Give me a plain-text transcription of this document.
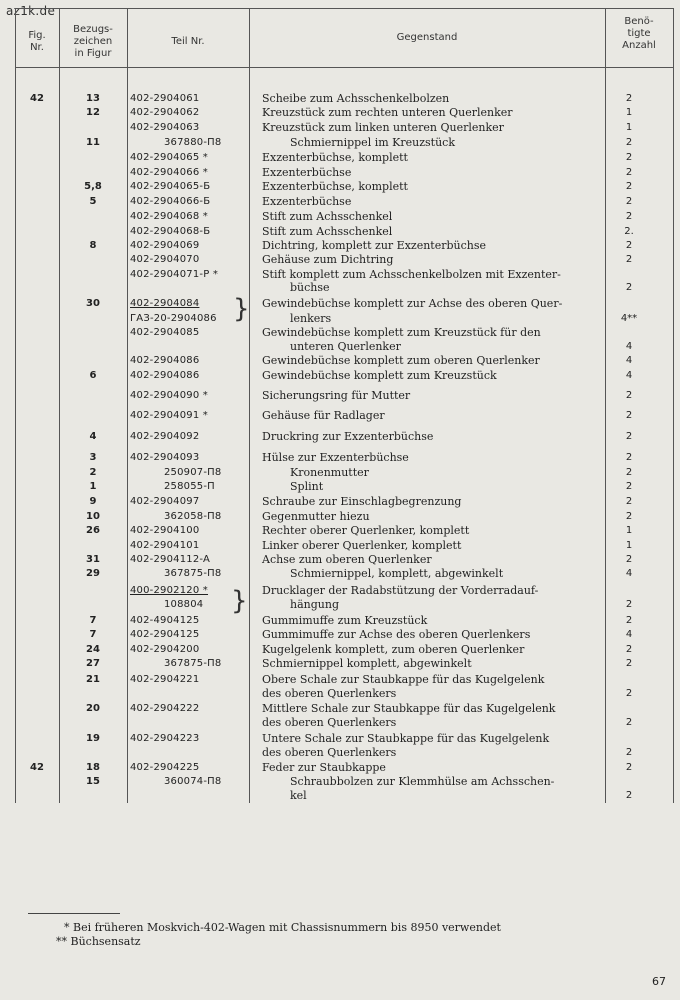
az1k.de
Fig.
Nr.
Bezugs-
zeichen
in Figur
Teil Nr.	Gegenstand
Benö-
tigte
Anzahl
42	13	402-2904061	Scheibe zum Achsschenkelbolzen	2
12	402-2904062	Kreuzstück zum rechten unteren Querlenker	1
402-2904063	Kreuzstück zum linken unteren Querlenker	1
11	367880-П8	Schmiernippel im Kreuzstück	2
402-2904065 *	Exzenterbüchse, komplett	2
402-2904066 *	Exzenterbüchse	2
5,8	402-2904065-Б	Exzenterbüchse, komplett	2
5	402-2904066-Б	Exzenterbüchse	2
402-2904068 *	Stift zum Achsschenkel	2
402-2904068-Б	Stift zum Achsschenkel	2.
8	402-2904069	Dichtring, komplett zur Exzenterbüchse	2
402-2904070	Gehäuse zum Dichtring	2
402-2904071-P *	Stift komplett zum Achsschenkelbolzen mit Exzenter-
büchse	2
30	402-2904084	Gewindebüchse komplett zur Achse des oberen Quer-
ГАЗ-20-2904086	lenkers	4**
402-2904085	Gewindebüchse komplett zum Kreuzstück für den
unteren Querlenker	4
402-2904086	Gewindebüchse komplett zum oberen Querlenker	4
6	402-2904086	Gewindebüchse komplett zum Kreuzstück	4
402-2904090 *	Sicherungsring für Mutter	2
402-2904091 *	Gehäuse für Radlager	2
4	402-2904092	Druckring zur Exzenterbüchse	2
3	402-2904093	Hülse zur Exzenterbüchse	2
2	250907-П8	Kronenmutter	2
1	258055-П	Splint	2
9	402-2904097	Schraube zur Einschlagbegrenzung	2
10	362058-П8	Gegenmutter hiezu	2
26	402-2904100	Rechter oberer Querlenker, komplett	1
402-2904101	Linker oberer Querlenker, komplett	1
31	402-2904112-A	Achse zum oberen Querlenker	2
29	367875-П8	Schmiernippel, komplett, abgewinkelt	4
400-2902120 *	Drucklager der Radabstützung der Vorderradauf-
108804	hängung	2
7	402-4904125	Gummimuffe zum Kreuzstück	2
7	402-2904125	Gummimuffe zur Achse des oberen Querlenkers	4
24	402-2904200	Kugelgelenk komplett, zum oberen Querlenker	2
27	367875-П8	Schmiernippel komplett, abgewinkelt	2
21	402-2904221	Obere Schale zur Staubkappe für das Kugelgelenk
des oberen Querlenkers	2
20	402-2904222	Mittlere Schale zur Staubkappe für das Kugelgelenk
des oberen Querlenkers	2
19	402-2904223	Untere Schale zur Staubkappe für das Kugelgelenk
des oberen Querlenkers	2
42	18	402-2904225	Feder zur Staubkappe	2
15	360074-П8	Schraubbolzen zur Klemmhülse am Achsschen-
kel	2
}
}
* Bei früheren Moskvich-402-Wagen mit Chassisnummern bis 8950 verwendet
** Büchsensatz
67
